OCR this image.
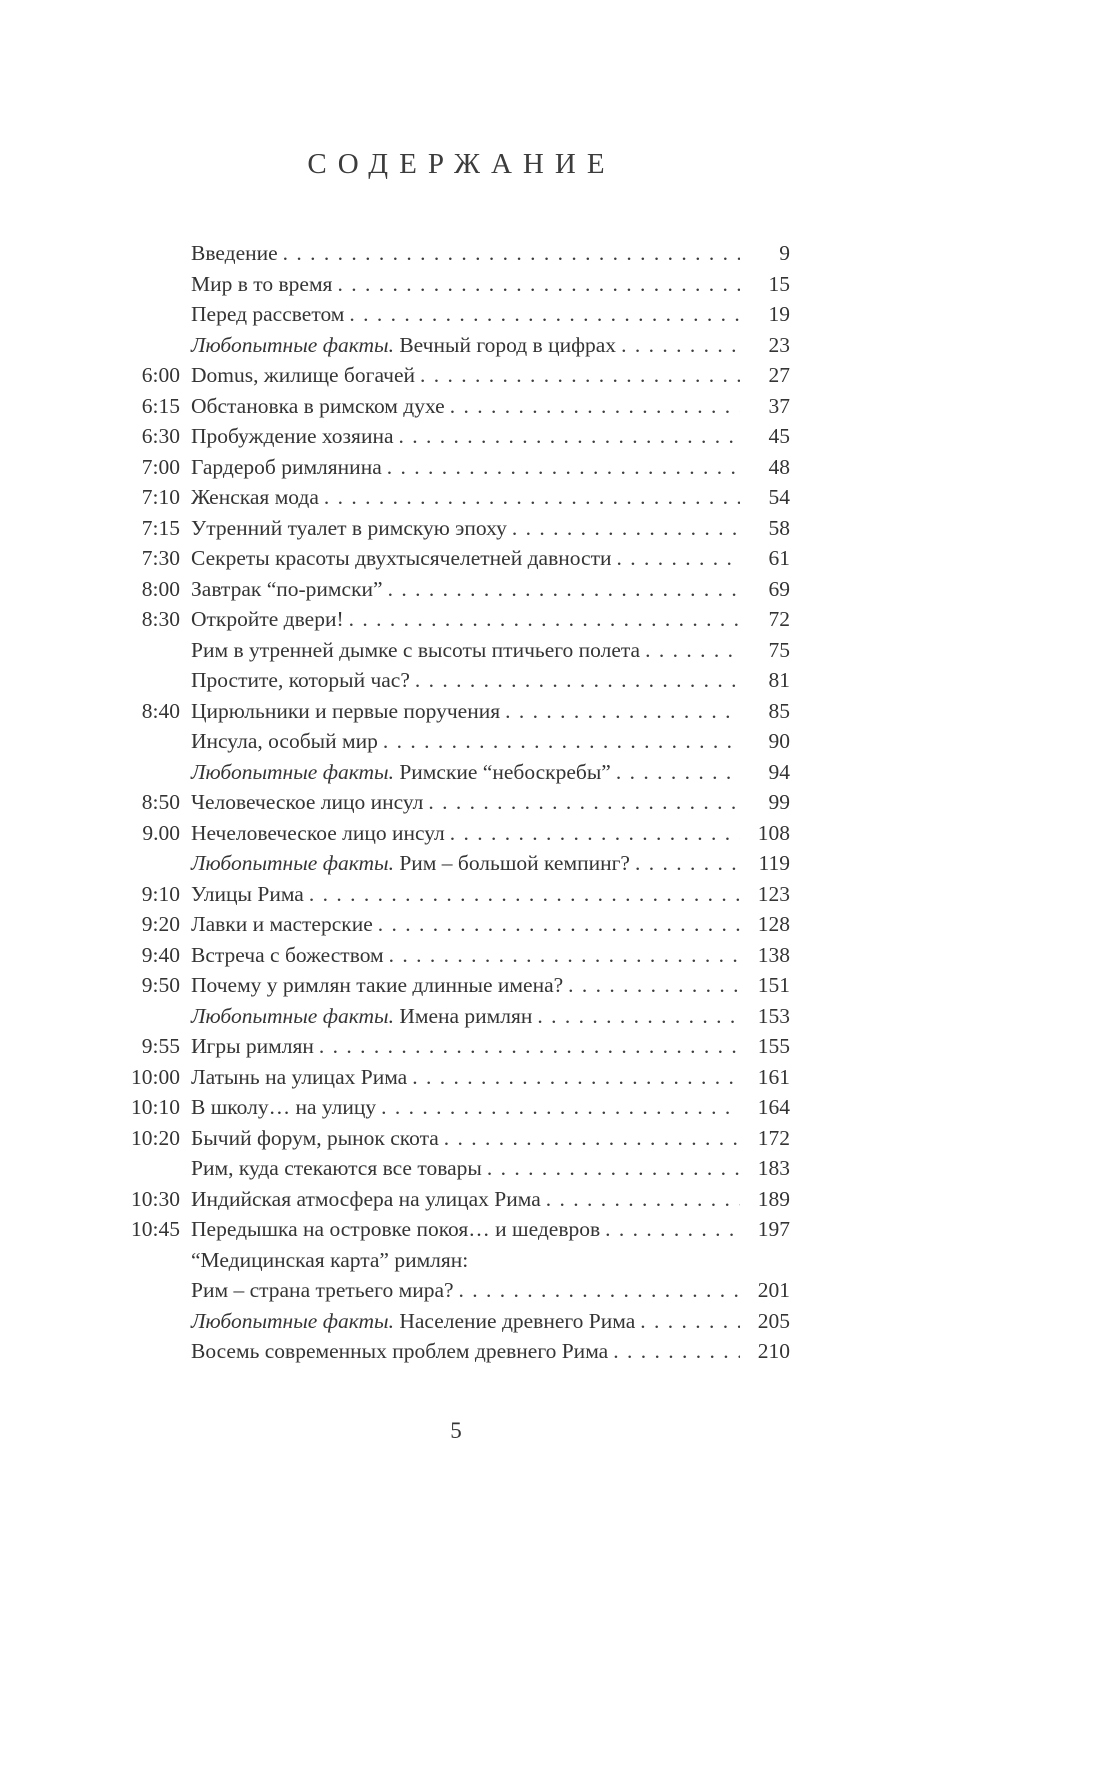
СОДЕРЖАНИЕ
Введение . . .	9
Мир в то время . . .	15
Перед рассветом . . .	19
Любопытные факты. Вечный город в цифрах . . .	23
6:00 Domus, жилище богачей . . .	27
6:15 Обстановка в римском духе . . .	37
6:30 Пробуждение хозяина . . .	45
7:00 Гардероб римлянина . . .	48
7:10 Женская мода . . .	54
7:15 Утренний туалет в римскую эпоху . . .	58
7:30 Секреты красоты двухтысячелетней давности . . .	61
8:00 Завтрак “по-римски” . . .	69
8:30 Откройте двери! . . .	72
Рим в утренней дымке с высоты птичьего полета . . .	75
Простите, который час? . . .	81
8:40 Цирюльники и первые поручения . . .	85
Инсула, особый мир . . .	90
Любопытные факты. Римские “небоскребы” . . .	94
8:50 Человеческое лицо инсул . . .	99
9.00 Нечеловеческое лицо инсул . . .	108
Любопытные факты. Рим – большой кемпинг? . . .	119
9:10 Улицы Рима . . .	123
9:20 Лавки и мастерские . . .	128
9:40 Встреча с божеством . . .	138
9:50 Почему у римлян такие длинные имена? . . .	151
Любопытные факты. Имена римлян . . .	153
9:55 Игры римлян . . .	155
10:00 Латынь на улицах Рима . . .	161
10:10 В школу… на улицу . . .	164
10:20 Бычий форум, рынок скота . . .	172
Рим, куда стекаются все товары . . .	183
10:30 Индийская атмосфера на улицах Рима . . .	189
10:45 Передышка на островке покоя… и шедевров . . .	197
“Медицинская карта” римлян:
Рим – страна третьего мира? . . .	201
Любопытные факты. Население древнего Рима . . .	205
Восемь современных проблем древнего Рима . . .	210
5
